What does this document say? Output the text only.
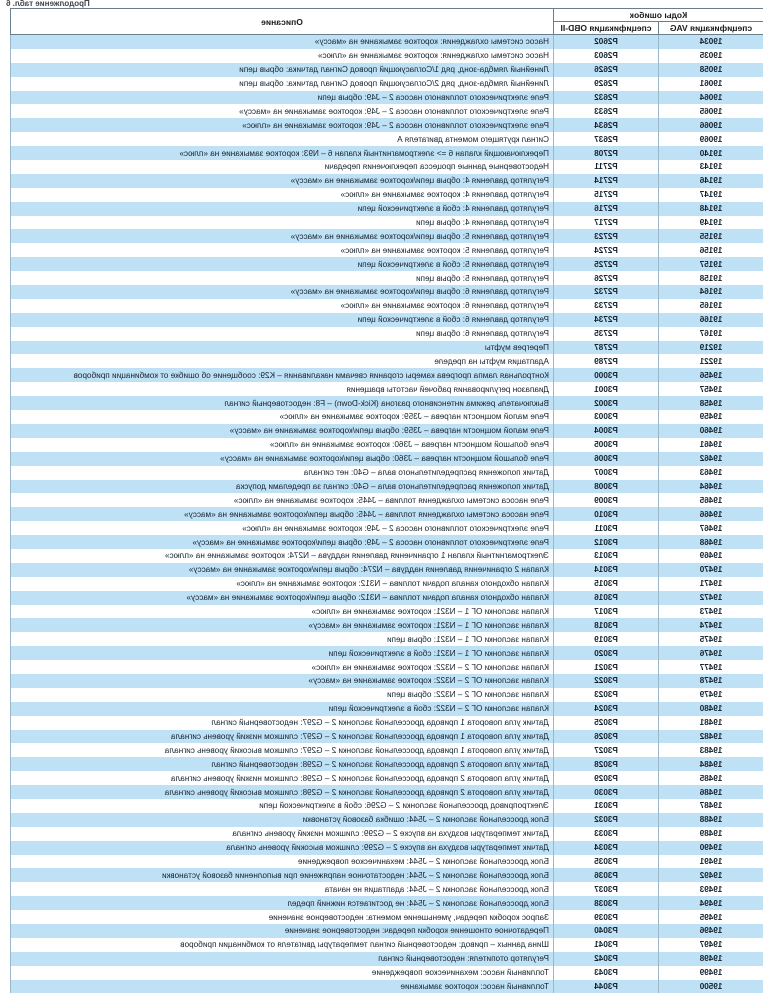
Продолжение табл. 6
Описание	Коды ошибок	

	спецификация OBD-II	спецификация VAG

Насос системы охлаждения: короткое замыкание на «массу»	P2602	19034

Насос системы охлаждения: короткое замыкание на «плюс»	P2603	19035

Линейный лямбда-зонд, ряд 1/Согласующий провод Сигнал датчика: обрыв цепи	P2626	19058

Линейный лямбда-зонд, ряд 2/Согласующий провод Сигнал датчика: обрыв цепи	P2629	19061

Реле электрического топливного насоса 2 – J49: обрыв цепи	P2632	19064

Реле электрического топливного насоса 2 – J49: короткое замыкание на «массу»	P2633	19065

Реле электрического топливного насоса 2 – J49: короткое замыкание на «плюс»	P2634	19066

Сигнал крутящего момента двигателя А	P2637	19069

Переключающий клапан 6 => электромагнитный клапан 6 – N93: короткое замыкание на «плюс»	P2708	19140

Недостоверные данные процесса переключения передачи	P2711	19143

Регулятор давления 4: обрыв цепи/короткое замыкание на «массу»	P2714	19146

Регулятор давления 4: короткое замыкание на «плюс»	P2715	19147

Регулятор давления 4: сбой в электрической цепи	P2716	19148

Регулятор давления 4: обрыв цепи	P2717	19149

Регулятор давления 5: обрыв цепи/короткое замыкание на «массу»	P2723	19155

Регулятор давления 5: короткое замыкание на «плюс»	P2724	19156

Регулятор давления 5: сбой в электрической цепи	P2725	19157

Регулятор давления 5: обрыв цепи	P2726	19158

Регулятор давления 6: обрыв цепи/короткое замыкание на «массу»	P2732	19164

Регулятор давления 6: короткое замыкание на «плюс»	P2733	19165

Регулятор давления 6: сбой в электрической цепи	P2734	19166

Регулятор давления 6: обрыв цепи	P2735	19167

Перегрев муфты	P2787	19219

Адаптация муфты на пределе	P2789	19221

Контрольная лампа прогрева камеры сгорания свечами накаливания – K29: сообщение об ошибке от комбинации приборов	P3000	19456

Диапазон регулирования рабочей частоты вращения	P3001	19457

Выключатель режима интенсивного разгона (Kick-Down) – F8: недостоверный сигнал	P3002	19458

Реле малой мощности нагрева – J359: короткое замыкание на «плюс»	P3003	19459

Реле малой мощности нагрева – J359: обрыв цепи/короткое замыкание на «массу»	P3004	19460

Реле большой мощности нагрева – J360: короткое замыкание на «плюс»	P3005	19461

Реле большой мощности нагрева – J360: обрыв цепи/короткое замыкание на «массу»	P3006	19462

Датчик положения распределительного вала – G40: нет сигнала	P3007	19463

Датчик положения распределительного вала – G40: сигнал за пределами допуска	P3008	19464

Реле насоса системы охлаждения топлива – J445: короткое замыкание на «плюс»	P3009	19465

Реле насоса системы охлаждения топлива – J445: обрыв цепи/короткое замыкание на «массу»	P3010	19466

Реле электрического топливного насоса 2 – J49: короткое замыкание на «плюс»	P3011	19467

Реле электрического топливного насоса 2 – J49: обрыв цепи/короткое замыкание на «массу»	P3012	19468

Электромагнитный клапан 1 ограничения давления наддува – N274: короткое замыкание на «плюс»	P3013	19469

Клапан 2 ограничения давления наддува – N274: обрыв цепи/короткое замыкание на «массу»	P3014	19470

Клапан обходного канала подачи топлива – N312: короткое замыкание на «плюс»	P3015	19471

Клапан обходного канала подачи топлива – N312: обрыв цепи/короткое замыкание на «массу»	P3016	19472

Клапан заслонки ОГ 1 – N321: короткое замыкание на «плюс»	P3017	19473

Клапан заслонки ОГ 1 – N321: короткое замыкание на «массу»	P3018	19474

Клапан заслонки ОГ 1 – N321: обрыв цепи	P3019	19475

Клапан заслонки ОГ 1 – N321: сбой в электрической цепи	P3020	19476

Клапан заслонки ОГ 2 – N322: короткое замыкание на «плюс»	P3021	19477

Клапан заслонки ОГ 2 – N322: короткое замыкание на «массу»	P3022	19478

Клапан заслонки ОГ 2 – N322: обрыв цепи	P3023	19479

Клапан заслонки ОГ 2 – N322: сбой в электрической цепи	P3024	19480

Датчик угла поворота 1 привода дроссельной заслонки 2 – G297: недостоверный сигнал	P3025	19481

Датчик угла поворота 1 привода дроссельной заслонки 2 – G297: слишком низкий уровень сигнала	P3026	19482

Датчик угла поворота 1 привода дроссельной заслонки 2 – G297: слишком высокий уровень сигнала	P3027	19483

Датчик угла поворота 2 привода дроссельной заслонки 2 – G298: недостоверный сигнал	P3028	19484

Датчик угла поворота 2 привода дроссельной заслонки 2 – G298: слишком низкий уровень сигнала	P3029	19485

Датчик угла поворота 2 привода дроссельной заслонки 2 – G298: слишком высокий уровень сигнала	P3030	19486

Электропривод дроссельной заслонки 2 – G296: сбой в электрической цепи	P3031	19487

Блок дроссельной заслонки 2 – J544: ошибка базовой установки	P3032	19488

Датчик температуры воздуха на впуске 2 – G299: слишком низкий уровень сигнала	P3033	19489

Датчик температуры воздуха на впуске 2 – G299: слишком высокий уровень сигнала	P3034	19490

Блок дроссельной заслонки 2 – J544: механическое повреждение	P3035	19491

Блок дроссельной заслонки 2 – J544: недостаточное напряжение при выполнении базовой установки	P3036	19492

Блок дроссельной заслонки 2 – J544: адаптация не начата	P3037	19493

Блок дроссельной заслонки 2 – J544: не достигается нижний предел	P3038	19494

Запрос коробки передач, уменьшение момента: недостоверное значение	P3039	19495

Передаточное отношение коробки передач: недостоверное значение	P3040	19496

Шина данных – привод: недостоверный сигнал температуры двигателя от комбинации приборов	P3041	19497

Регулятор отопителя: недостоверный сигнал	P3042	19498

Топливный насос: механическое повреждение	P3043	19499

Топливный насос: короткое замыкание	P3044	19500
